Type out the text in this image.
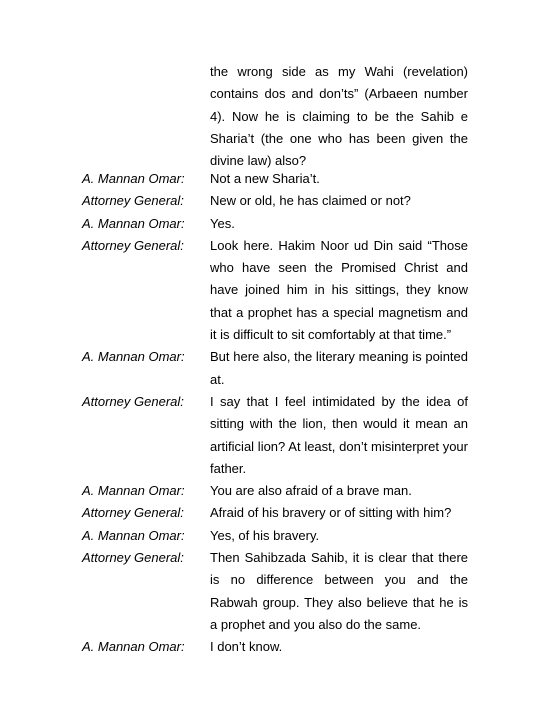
the wrong side as my Wahi (revelation) contains dos and don’ts” (Arbaeen number 4). Now he is claiming to be the Sahib e Sharia’t (the one who has been given the divine law) also?
A. Mannan Omar:	Not a new Sharia’t.
Attorney General:	New or old, he has claimed or not?
A. Mannan Omar:	Yes.
Attorney General:	Look here. Hakim Noor ud Din said “Those who have seen the Promised Christ and have joined him in his sittings, they know that a prophet has a special magnetism and it is difficult to sit comfortably at that time.”
A. Mannan Omar:	But here also, the literary meaning is pointed at.
Attorney General:	I say that I feel intimidated by the idea of sitting with the lion, then would it mean an artificial lion? At least, don’t misinterpret your father.
A. Mannan Omar:	You are also afraid of a brave man.
Attorney General:	Afraid of his bravery or of sitting with him?
A. Mannan Omar:	Yes, of his bravery.
Attorney General:	Then Sahibzada Sahib, it is clear that there is no difference between you and the Rabwah group. They also believe that he is a prophet and you also do the same.
A. Mannan Omar:	I don’t know.
